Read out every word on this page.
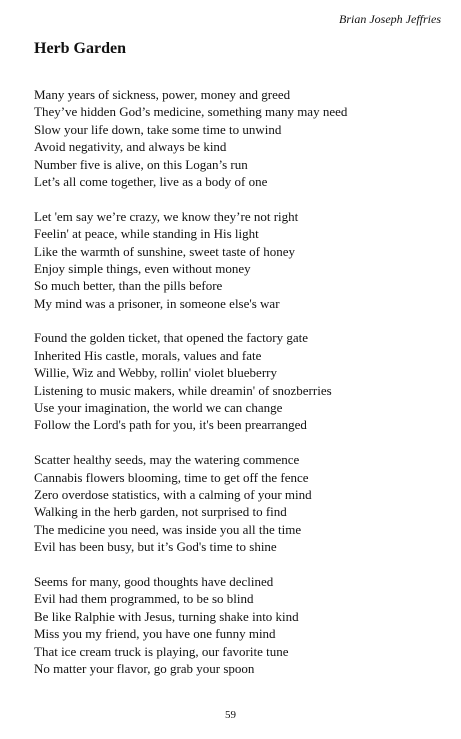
Brian Joseph Jeffries
Herb Garden
Many years of sickness, power, money and greed
They’ve hidden God’s medicine, something many may need
Slow your life down, take some time to unwind
Avoid negativity, and always be kind
Number five is alive, on this Logan’s run
Let’s all come together, live as a body of one
Let 'em say we’re crazy, we know they’re not right
Feelin' at peace, while standing in His light
Like the warmth of sunshine, sweet taste of honey
Enjoy simple things, even without money
So much better, than the pills before
My mind was a prisoner, in someone else's war
Found the golden ticket, that opened the factory gate
Inherited His castle, morals, values and fate
Willie, Wiz and Webby, rollin' violet blueberry
Listening to music makers, while dreamin' of snozberries
Use your imagination, the world we can change
Follow the Lord's path for you, it's been prearranged
Scatter healthy seeds, may the watering commence
Cannabis flowers blooming, time to get off the fence
Zero overdose statistics, with a calming of your mind
Walking in the herb garden, not surprised to find
The medicine you need, was inside you all the time
Evil has been busy, but it’s God's time to shine
Seems for many, good thoughts have declined
Evil had them programmed, to be so blind
Be like Ralphie with Jesus, turning shake into kind
Miss you my friend, you have one funny mind
That ice cream truck is playing, our favorite tune
No matter your flavor, go grab your spoon
59
